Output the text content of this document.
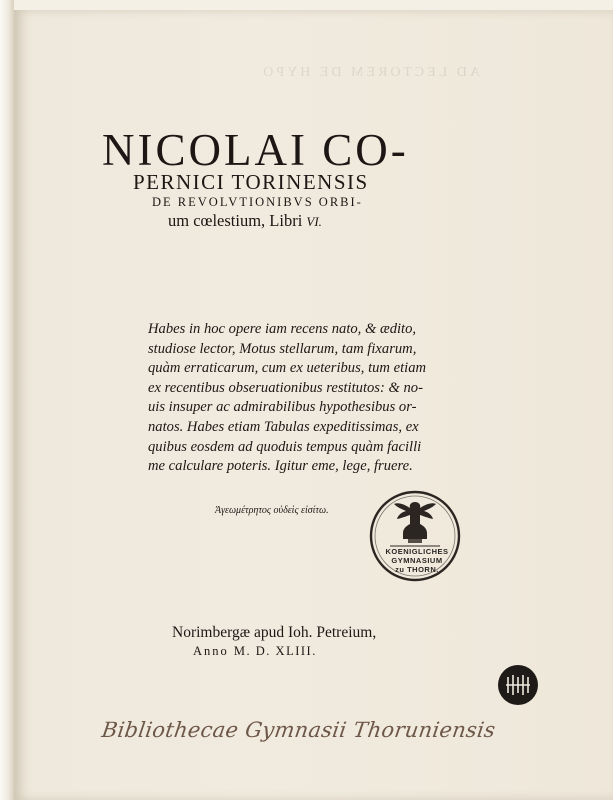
AD LECTOREM DE HYPO
NICOLAI CO-
PERNICI TORINENSIS
DE REVOLVTIONIBVS ORBI-
um cœlestium, Libri VI.
Habes in hoc opere iam recens nato, & ædito,
studiose lector, Motus stellarum, tam fixarum,
quàm erraticarum, cum ex ueteribus, tum etiam
ex recentibus obseruationibus restitutos: & no-
uis insuper ac admirabilibus hypothesibus or-
natos. Habes etiam Tabulas expeditissimas, ex
quibus eosdem ad quoduis tempus quàm facilli
me calculare poteris. Igitur eme, lege, fruere.
Ἀγεωμέτρητος οὐδεὶς εἰσίτω.
KOENIGLICHES
GYMNASIUM
zu THORN.
Norimbergæ apud Ioh. Petreium,
Anno M. D. XLIII.
Bibliothecae Gymnasii Thoruniensis
